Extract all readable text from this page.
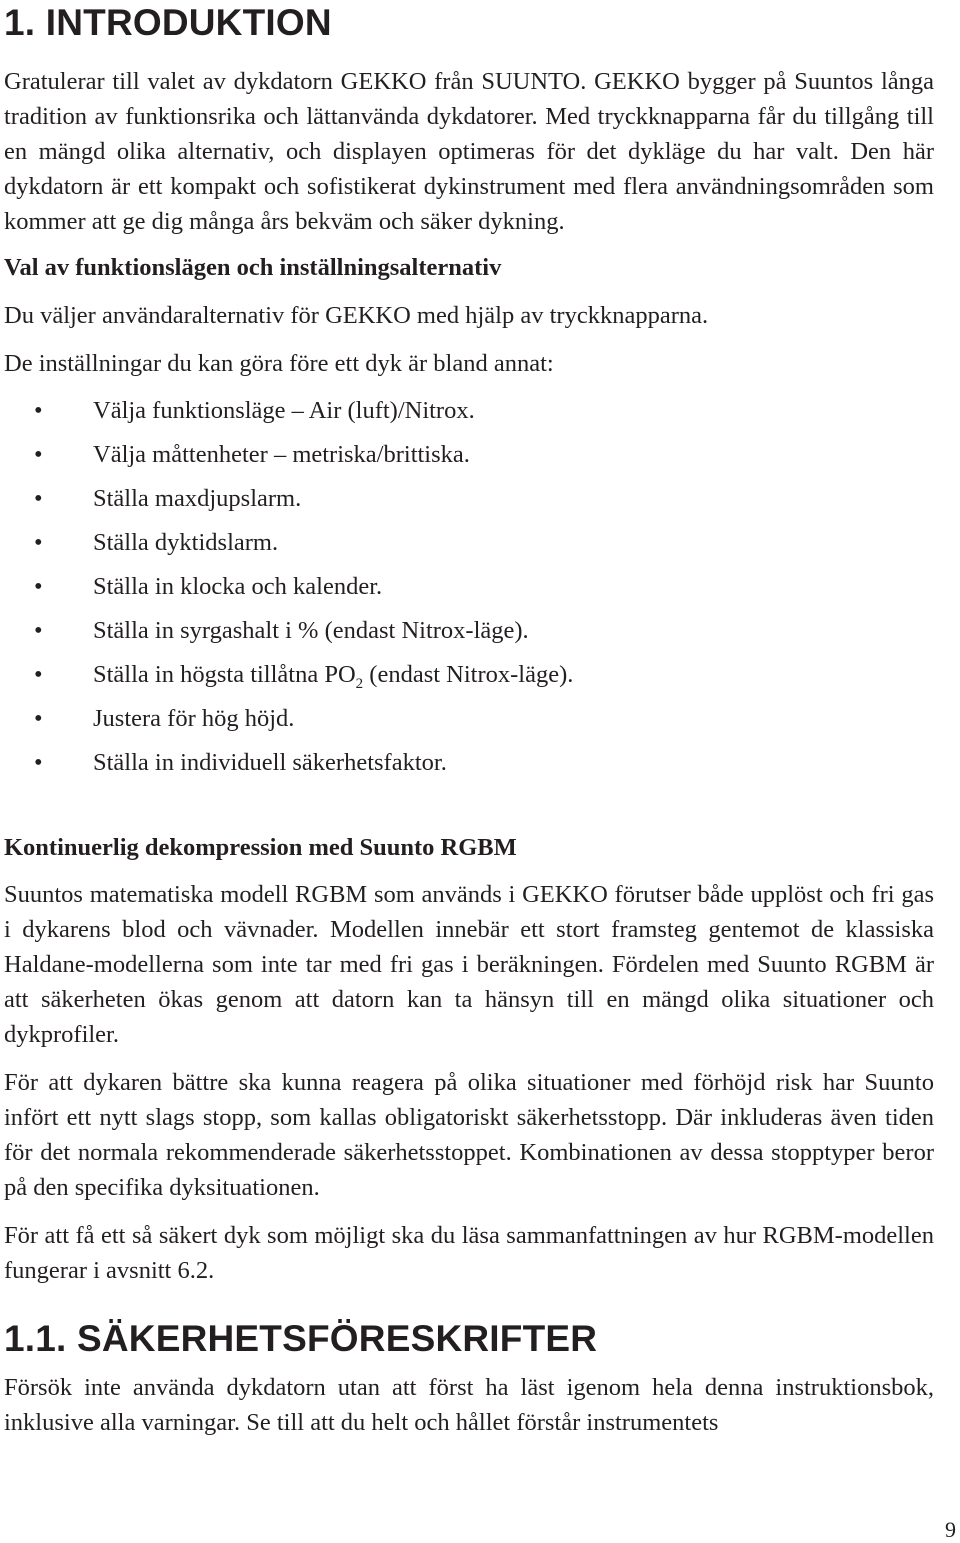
1. INTRODUKTION

Gratulerar till valet av dykdatorn GEKKO från SUUNTO. GEKKO bygger på Suuntos långa tradition av funktionsrika och lättanvända dykdatorer. Med tryckknapparna får du tillgång till en mängd olika alternativ, och displayen optimeras för det dykläge du har valt. Den här dykdatorn är ett kompakt och sofistikerat dykinstrument med flera användningsområden som kommer att ge dig många års bekväm och säker dykning.

Val av funktionslägen och inställningsalternativ

Du väljer användaralternativ för GEKKO med hjälp av tryckknapparna.

De inställningar du kan göra före ett dyk är bland annat:

• Välja funktionsläge – Air (luft)/Nitrox.
• Välja måttenheter – metriska/brittiska.
• Ställa maxdjupslarm.
• Ställa dyktidslarm.
• Ställa in klocka och kalender.
• Ställa in syrgashalt i % (endast Nitrox-läge).
• Ställa in högsta tillåtna $PO_2$ (endast Nitrox-läge).
• Justera för hög höjd.
• Ställa in individuell säkerhetsfaktor.
Kontinuerlig dekompression med Suunto RGBM

Suuntos matematiska modell RGBM som används i GEKKO förutser både upplöst och fri gas i dykarens blod och vävnader. Modellen innebär ett stort framsteg gentemot de klassiska Haldane-modellerna som inte tar med fri gas i beräkningen. Fördelen med Suunto RGBM är att säkerheten ökas genom att datorn kan ta hänsyn till en mängd olika situationer och dykprofiler.

För att dykaren bättre ska kunna reagera på olika situationer med förhöjd risk har Suunto infört ett nytt slags stopp, som kallas obligatoriskt säkerhetsstopp. Där inkluderas även tiden för det normala rekommenderade säkerhetsstoppet. Kombinationen av dessa stopptyper beror på den specifika dyksituationen.

För att få ett så säkert dyk som möjligt ska du läsa sammanfattningen av hur RGBM-modellen fungerar i avsnitt 6.2.

1.1. SÄKERHETSFÖRESKRIFTER

Försök inte använda dykdatorn utan att först ha läst igenom hela denna instruktionsbok, inklusive alla varningar. Se till att du helt och hållet förstår instrumentets

9
